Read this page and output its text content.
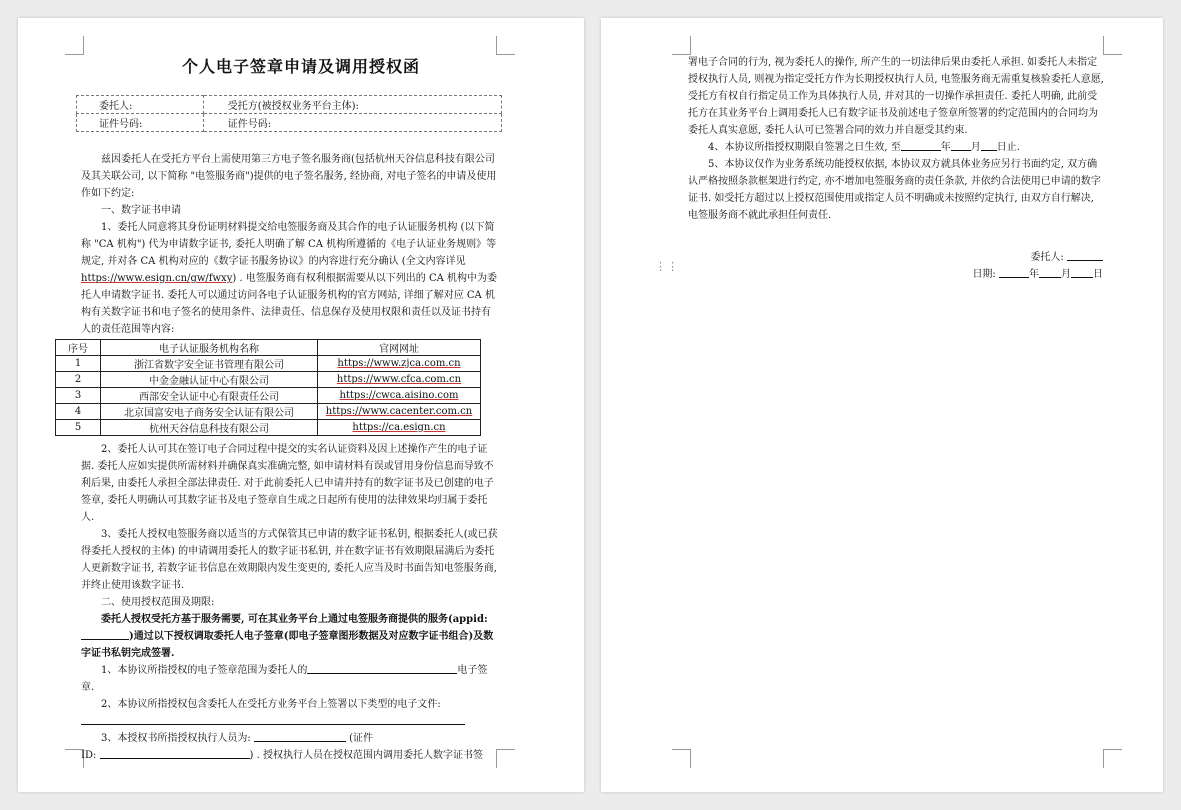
个人电子签章申请及调用授权函
委托人:	受托方(被授权业务平台主体):
证件号码:	证件号码:

兹因委托人在受托方平台上需使用第三方电子签名服务商(包括杭州天谷信息科技有限公司及其关联公司, 以下简称 "电签服务商")提供的电子签名服务, 经协商, 对电子签名的申请及使用作如下约定:

一、数字证书申请

1、委托人同意将其身份证明材料提交给电签服务商及其合作的电子认证服务机构 (以下简称 "CA 机构") 代为申请数字证书, 委托人明确了解 CA 机构所遵循的《电子认证业务规则》等规定, 并对各 CA 机构对应的《数字证书服务协议》的内容进行充分确认 (全文内容详见https://www.esign.cn/gw/fwxy) . 电签服务商有权利根据需要从以下列出的 CA 机构中为委托人申请数字证书. 委托人可以通过访问各电子认证服务机构的官方网站, 详细了解对应 CA 机构有关数字证书和电子签名的使用条件、法律责任、信息保存及使用权限和责任以及证书持有人的责任范围等内容:

序号	电子认证服务机构名称	官网网址
1	浙江省数字安全证书管理有限公司	https://www.zjca.com.cn
2	中金金融认证中心有限公司	https://www.cfca.com.cn
3	西部安全认证中心有限责任公司	https://cwca.aisino.com
4	北京国富安电子商务安全认证有限公司	https://www.cacenter.com.cn
5	杭州天谷信息科技有限公司	https://ca.esign.cn

2、委托人认可其在签订电子合同过程中提交的实名认证资料及因上述操作产生的电子证据. 委托人应如实提供所需材料并确保真实准确完整, 如申请材料有误或冒用身份信息而导致不利后果, 由委托人承担全部法律责任. 对于此前委托人已申请并持有的数字证书及已创建的电子签章, 委托人明确认可其数字证书及电子签章自生成之日起所有使用的法律效果均归属于委托人.

3、委托人授权电签服务商以适当的方式保管其已申请的数字证书私钥, 根据委托人(或已获得委托人授权的主体) 的申请调用委托人的数字证书私钥, 并在数字证书有效期限届满后为委托人更新数字证书, 若数字证书信息在效期限内发生变更的, 委托人应当及时书面告知电签服务商, 并终止使用该数字证书.

二、使用授权范围及期限:

委托人授权受托方基于服务需要, 可在其业务平台上通过电签服务商提供的服务(appid:)通过以下授权调取委托人电子签章(即电子签章图形数据及对应数字证书组合)及数字证书私钥完成签署.

1、本协议所指授权的电子签章范围为委托人的	电子签章.

2、本协议所指授权包含委托人在受托方业务平台上签署以下类型的电子文件:

3、本授权书所指授权执行人员为:	(证件

ID:	) . 授权执行人员在授权范围内调用委托人数字证书签

⋮⋮

署电子合同的行为, 视为委托人的操作, 所产生的一切法律后果由委托人承担. 如委托人未指定授权执行人员, 则视为指定受托方作为长期授权执行人员, 电签服务商无需重复核验委托人意愿, 受托方有权自行指定员工作为具体执行人员, 并对其的一切操作承担责任. 委托人明确, 此前受托方在其业务平台上调用委托人已有数字证书及前述电子签章所签署的约定范围内的合同均为委托人真实意愿, 委托人认可已签署合同的效力并自愿受其约束.

4、本协议所指授权期限自签署之日生效, 至	年 月 日止.

5、本协议仅作为业务系统功能授权依据, 本协议双方就具体业务应另行书面约定, 双方确认严格按照条款框架进行约定, 亦不增加电签服务商的责任条款, 并依约合法使用已申请的数字证书. 如受托方超过以上授权范围使用或指定人员不明确或未按照约定执行, 由双方自行解决, 电签服务商不就此承担任何责任.

委托人:
日期:	年 月 日
